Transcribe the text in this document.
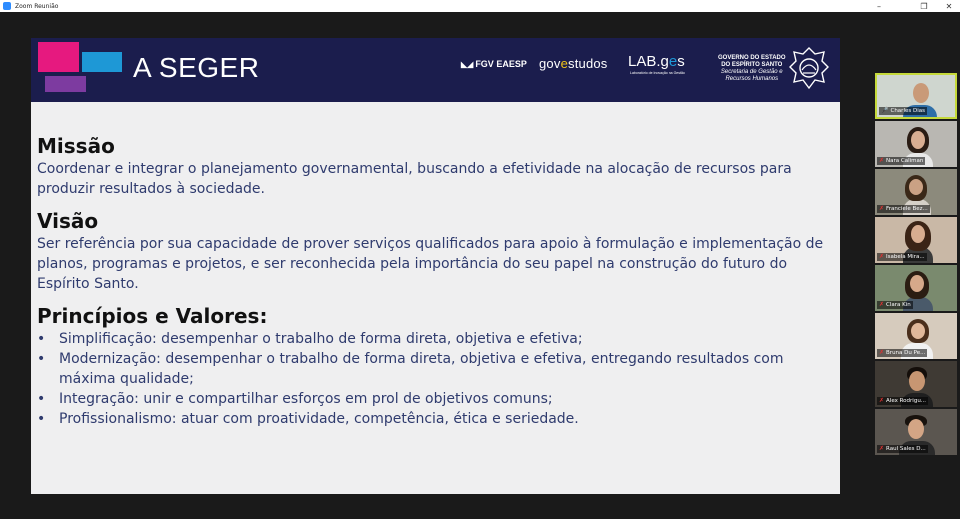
Zoom Reunião	–	❐	✕
A SEGER	◣◢ FGV EAESP govestudos LAB.ges
Laboratório de Inovação na Gestão
GOVERNO DO ESTADO
DO ESPÍRITO SANTO
Secretaria de Gestão e
Recursos Humanos
Missão
Coordenar e integrar o planejamento governamental, buscando a efetividade na alocação de recursos para produzir resultados à sociedade.
Visão
Ser referência por sua capacidade de prover serviços qualificados para apoio à formulação e implementação de planos, programas e projetos, e ser reconhecida pela importância do seu papel na construção do futuro do Espírito Santo.
Princípios e Valores:
• Simplificação: desempenhar o trabalho de forma direta, objetiva e efetiva;
• Modernização: desempenhar o trabalho de forma direta, objetiva e efetiva, entregando resultados com máxima qualidade;
• Integração: unir e compartilhar esforços em prol de objetivos comuns;
• Profissionalismo: atuar com proatividade, competência, ética e seriedade.
🎤 Charles Dias
✗ Nara Caliman
✗ Franciele Bez...
✗ Isabela Mira...
✗ Clara Kin
✗ Bruna Du Pe...
✗ Alex Rodrigu...
✗ Raul Sales D...
